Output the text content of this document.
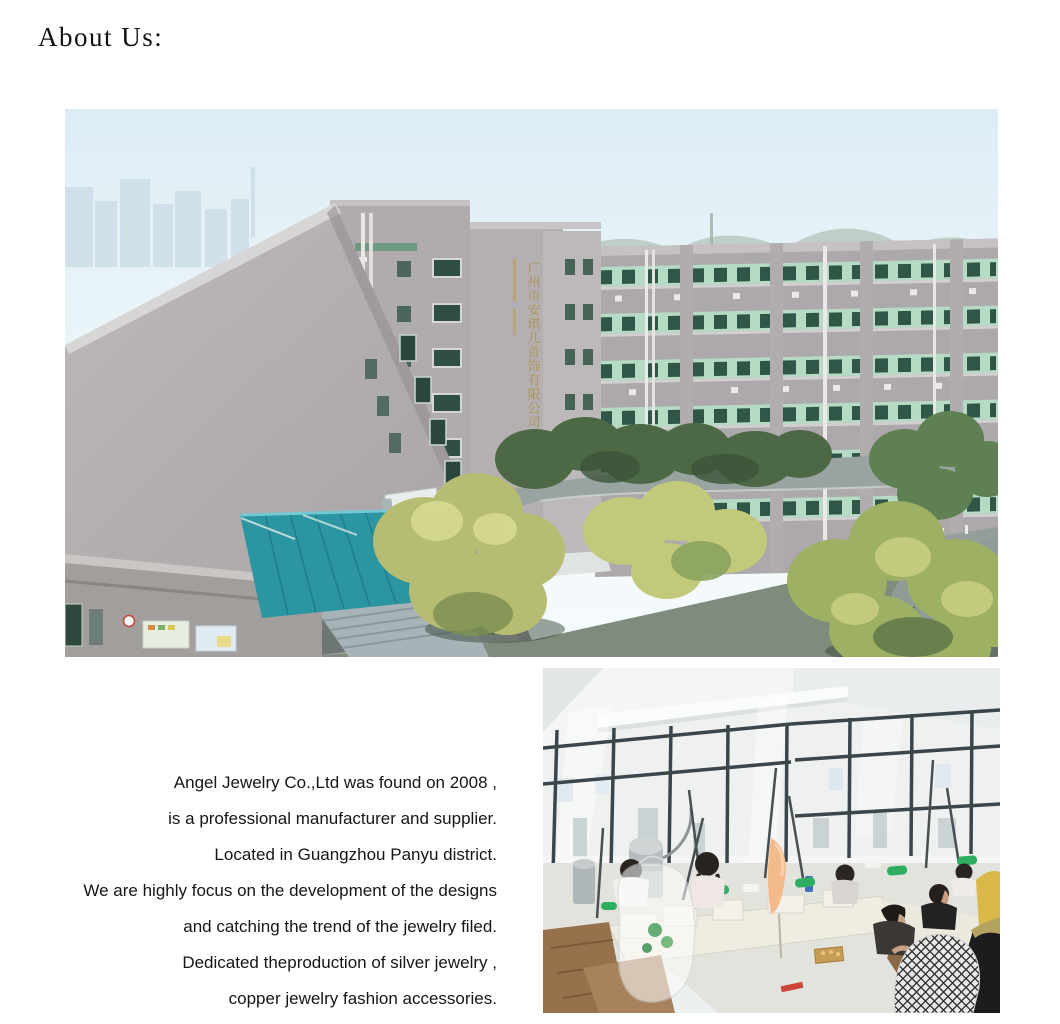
About Us:
广州市安琪儿首饰有限公司
Angel Jewelry Co.,Ltd was found on 2008 ,
is a professional manufacturer and supplier.
Located in Guangzhou Panyu district.
We are highly focus on the development of the designs
and catching the trend of the jewelry filed.
Dedicated theproduction of silver jewelry ,
copper jewelry fashion accessories.
